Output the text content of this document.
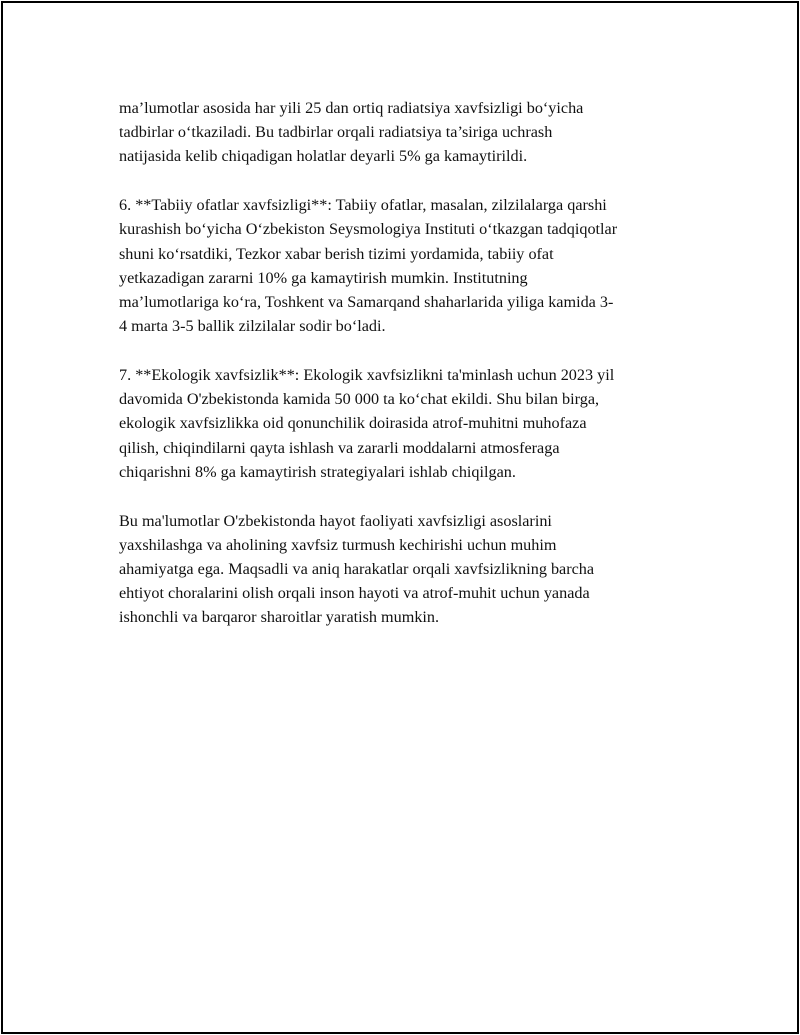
ma’lumotlar asosida har yili 25 dan ortiq radiatsiya xavfsizligi bo‘yicha
tadbirlar o‘tkaziladi. Bu tadbirlar orqali radiatsiya ta’siriga uchrash
natijasida kelib chiqadigan holatlar deyarli 5% ga kamaytirildi.

6. **Tabiiy ofatlar xavfsizligi**: Tabiiy ofatlar, masalan, zilzilalarga qarshi
kurashish bo‘yicha O‘zbekiston Seysmologiya Instituti o‘tkazgan tadqiqotlar
shuni ko‘rsatdiki, Tezkor xabar berish tizimi yordamida, tabiiy ofat
yetkazadigan zararni 10% ga kamaytirish mumkin. Institutning
ma’lumotlariga ko‘ra, Toshkent va Samarqand shaharlarida yiliga kamida 3-
4 marta 3-5 ballik zilzilalar sodir bo‘ladi.

7. **Ekologik xavfsizlik**: Ekologik xavfsizlikni ta'minlash uchun 2023 yil
davomida O'zbekistonda kamida 50 000 ta ko‘chat ekildi. Shu bilan birga,
ekologik xavfsizlikka oid qonunchilik doirasida atrof-muhitni muhofaza
qilish, chiqindilarni qayta ishlash va zararli moddalarni atmosferaga
chiqarishni 8% ga kamaytirish strategiyalari ishlab chiqilgan.

Bu ma'lumotlar O'zbekistonda hayot faoliyati xavfsizligi asoslarini
yaxshilashga va aholining xavfsiz turmush kechirishi uchun muhim
ahamiyatga ega. Maqsadli va aniq harakatlar orqali xavfsizlikning barcha
ehtiyot choralarini olish orqali inson hayoti va atrof-muhit uchun yanada
ishonchli va barqaror sharoitlar yaratish mumkin.
